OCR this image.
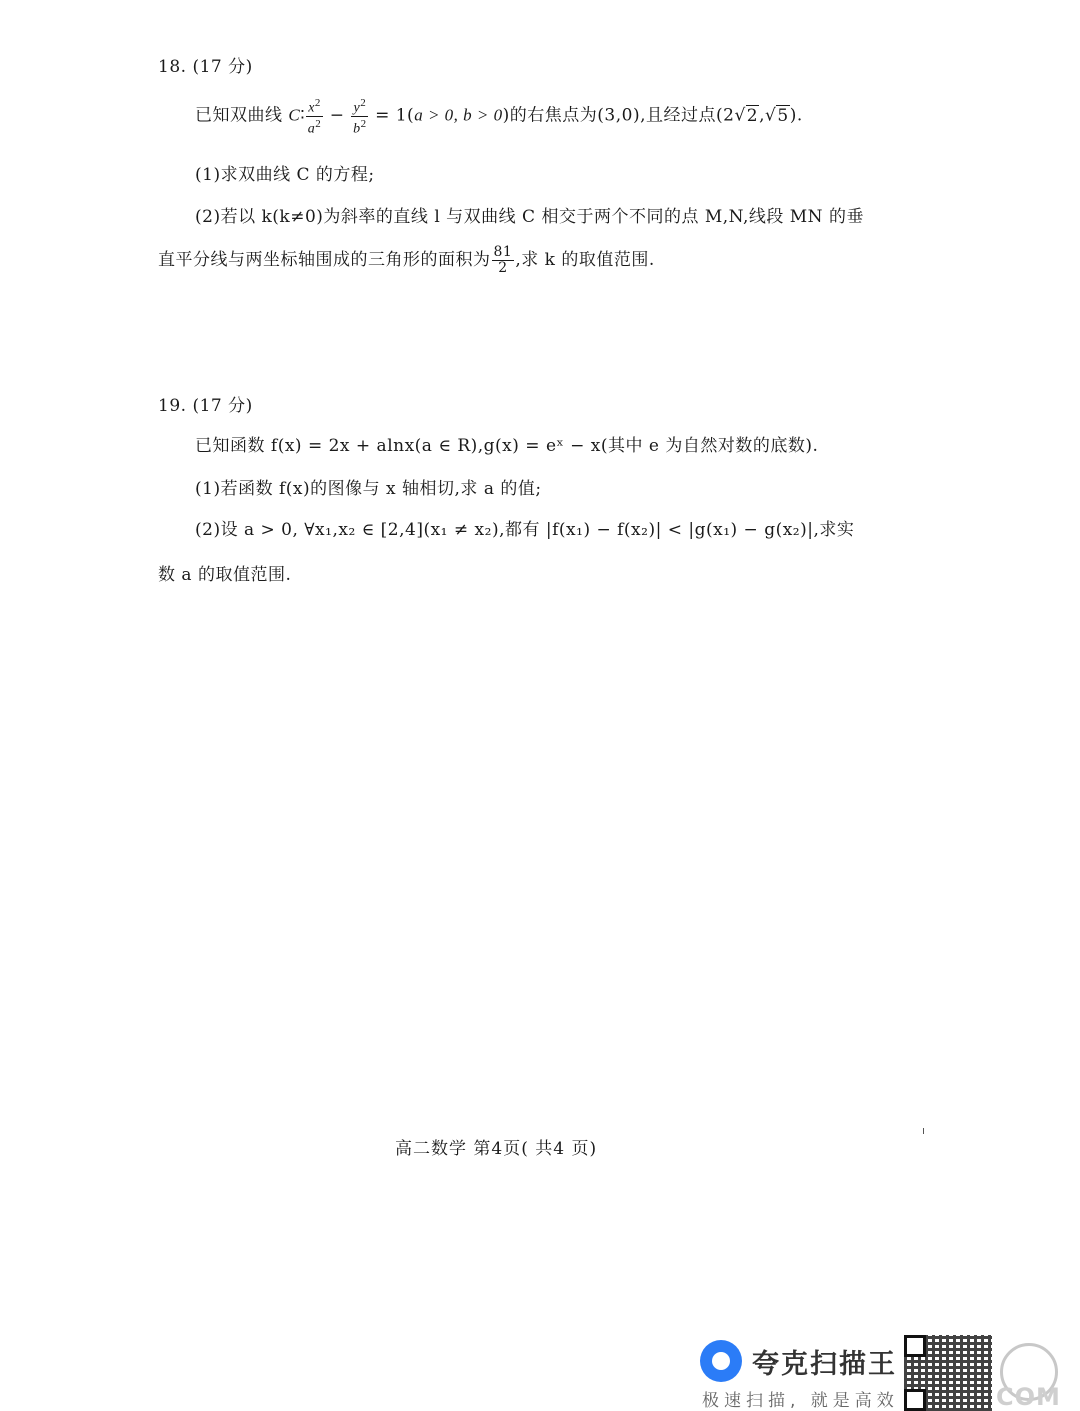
18. (17 分)
已知双曲线 C∶ $\frac{x^2}{a^2} - \frac{y^2}{b^2} = 1(a > 0$, b > 0)的右焦点为(3,0),且经过点(2√2,√5).
(1)求双曲线 C 的方程;
(2)若以 k(k≠0)为斜率的直线 l 与双曲线 C 相交于两个不同的点 M,N,线段 MN 的垂
直平分线与两坐标轴围成的三角形的面积为 $\frac{81}{2}$ ,求 k 的取值范围.
19. (17 分)
已知函数 f(x) = 2x + alnx(a ∈ R),g(x) = eˣ − x(其中 e 为自然对数的底数).
(1)若函数 f(x)的图像与 x 轴相切,求 a 的值;
(2)设 a > 0, ∀x₁,x₂ ∈ [2,4](x₁ ≠ x₂),都有 |f(x₁) − f(x₂)| < |g(x₁) − g(x₂)|,求实
数 a 的取值范围.
高二数学 第4页( 共4 页)
夸克扫描王
极速扫描, 就是高效	COM
